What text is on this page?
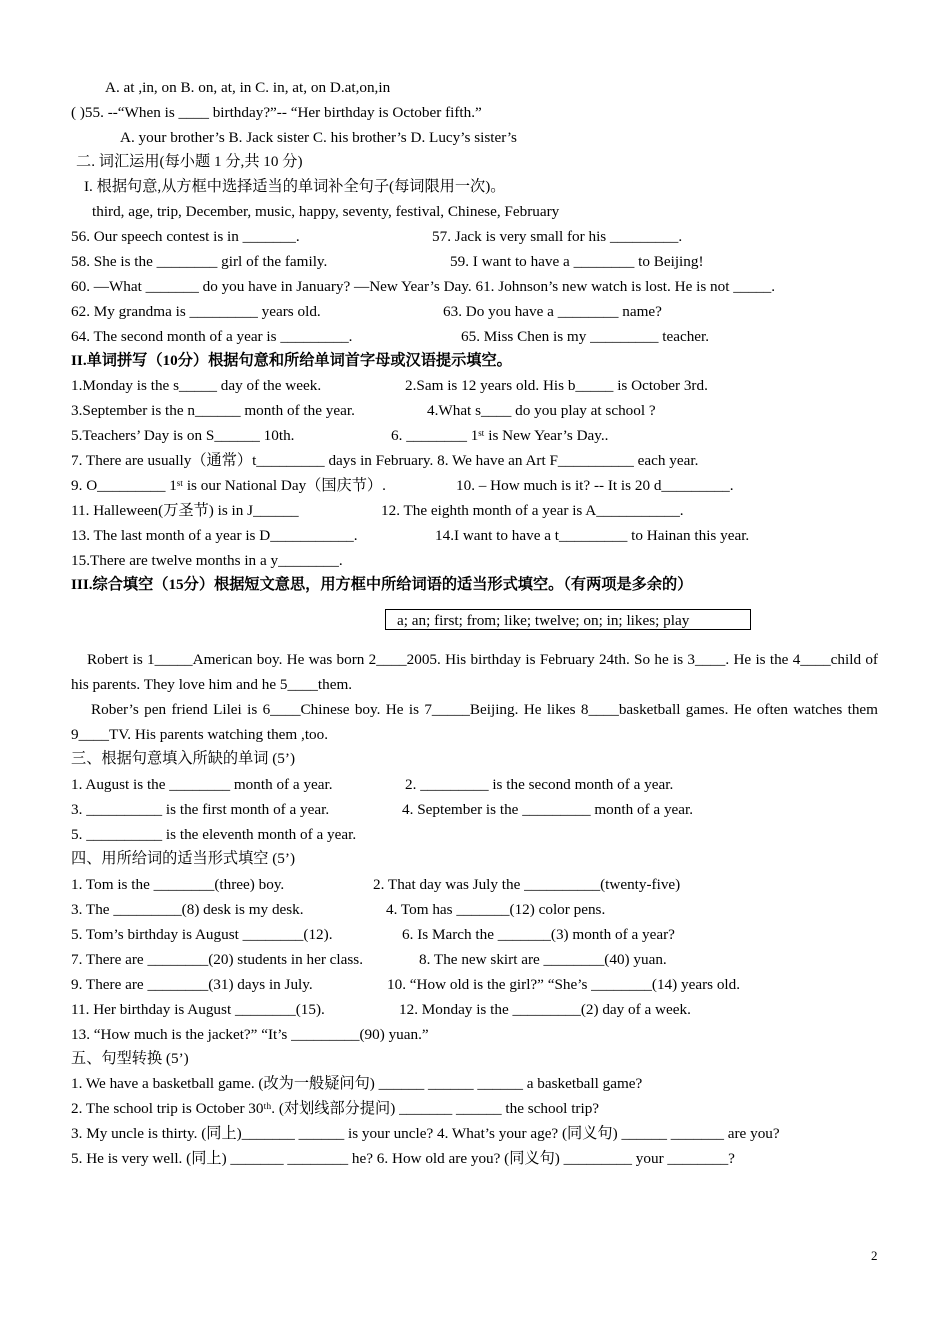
A. at ,in, on B. on, at, in C. in, at, on D.at,on,in
( )55. --“When is ____ birthday?”-- “Her birthday is October fifth.”
A. your brother’s B. Jack sister C. his brother’s D. Lucy’s sister’s
二. 词汇运用(每小题 1 分,共 10 分)
I. 根据句意,从方框中选择适当的单词补全句子(每词限用一次)。
third, age, trip, December, music, happy, seventy, festival, Chinese, February
56. Our speech contest is in _______.	57. Jack is very small for his _________.
58. She is the ________ girl of the family.	59. I want to have a ________ to Beijing!
60. —What _______ do you have in January? —New Year’s Day. 61. Johnson’s new watch is lost. He is not _____.
62. My grandma is _________ years old.	63. Do you have a ________ name?
64. The second month of a year is _________.	65. Miss Chen is my _________ teacher.
II.单词拼写（10分）根据句意和所给单词首字母或汉语提示填空。
1.Monday is the s_____ day of the week.	2.Sam is 12 years old. His b_____ is October 3rd.
3.September is the n______ month of the year.	4.What s____ do you play at school ?
5.Teachers’ Day is on S______ 10th.	6. ________ 1ˢᵗ is New Year’s Day..
7. There are usually（通常）t_________ days in February. 8. We have an Art F__________ each year.
9. O_________ 1ˢᵗ is our National Day（国庆节）.	10. – How much is it? -- It is 20 d_________.
11. Halleween(万圣节) is in J______	12. The eighth month of a year is A___________.
13. The last month of a year is D___________.	14.I want to have a t_________ to Hainan this year.
15.There are twelve months in a y________.
III.综合填空（15分）根据短文意思，用方框中所给词语的适当形式填空。（有两项是多余的）
三、根据句意填入所缺的单词 (5’)
1. August is the ________ month of a year.	2. _________ is the second month of a year.
3. __________ is the first month of a year.	4. September is the _________ month of a year.
5. __________ is the eleventh month of a year.
四、用所给词的适当形式填空 (5’)
1. Tom is the ________(three) boy.	2. That day was July the __________(twenty-five)
3. The _________(8) desk is my desk.	4. Tom has _______(12) color pens.
5. Tom’s birthday is August ________(12).	6. Is March the _______(3) month of a year?
7. There are ________(20) students in her class.	8. The new skirt are ________(40) yuan.
9. There are ________(31) days in July.	10. “How old is the girl?” “She’s ________(14) years old.
11. Her birthday is August ________(15).	12. Monday is the _________(2) day of a week.
13. “How much is the jacket?” “It’s _________(90) yuan.”
五、句型转换 (5’)
1. We have a basketball game. (改为一般疑问句) ______ ______ ______ a basketball game?
2. The school trip is October 30ᵗʰ. (对划线部分提问) _______ ______ the school trip?
3. My uncle is thirty. (同上)_______ ______ is your uncle? 4. What’s your age? (同义句) ______ _______ are you?
5. He is very well. (同上) _______ ________ he? 6. How old are you? (同义句) _________ your ________?
a; an; first; from; like; twelve; on; in; likes; play

Robert is 1_____American boy. He was born 2____2005. His birthday is February 24th. So he is 3____. He is the 4____child of his parents. They love him and he 5____them.

Rober’s pen friend Lilei is 6____Chinese boy. He is 7_____Beijing. He likes 8____basketball games. He often watches them 9____TV. His parents watching them ,too.

2
